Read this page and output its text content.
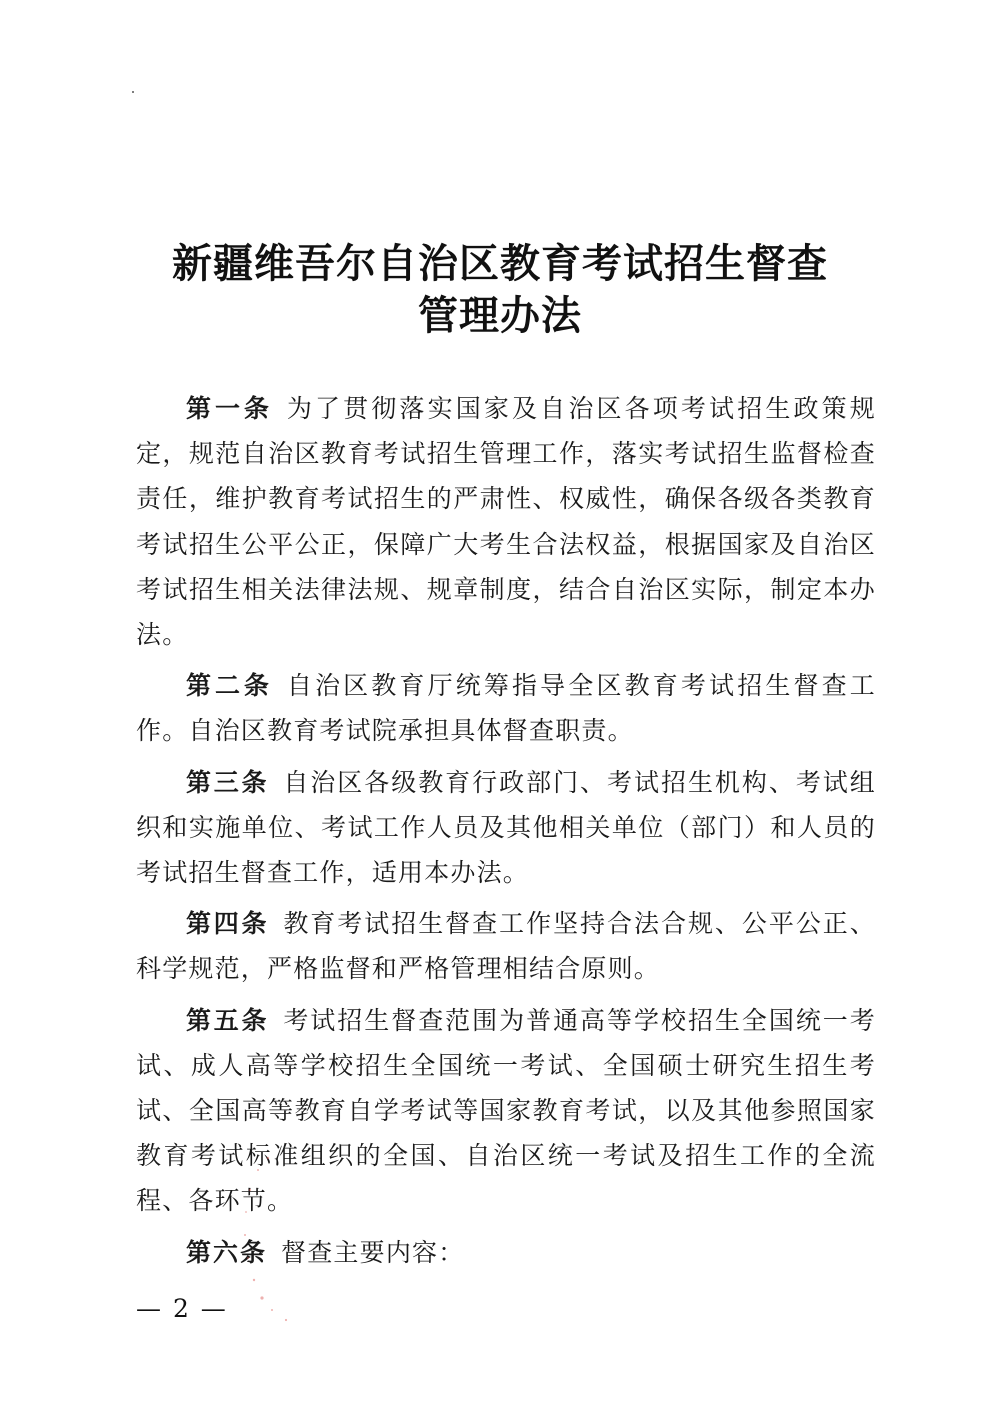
新疆维吾尔自治区教育考试招生督查
管理办法

第一条 为了贯彻落实国家及自治区各项考试招生政策规定，规范自治区教育考试招生管理工作，落实考试招生监督检查责任，维护教育考试招生的严肃性、权威性，确保各级各类教育考试招生公平公正，保障广大考生合法权益，根据国家及自治区考试招生相关法律法规、规章制度，结合自治区实际，制定本办法。

第二条 自治区教育厅统筹指导全区教育考试招生督查工作。自治区教育考试院承担具体督查职责。

第三条 自治区各级教育行政部门、考试招生机构、考试组织和实施单位、考试工作人员及其他相关单位（部门）和人员的考试招生督查工作，适用本办法。

第四条 教育考试招生督查工作坚持合法合规、公平公正、科学规范，严格监督和严格管理相结合原则。

第五条 考试招生督查范围为普通高等学校招生全国统一考试、成人高等学校招生全国统一考试、全国硕士研究生招生考试、全国高等教育自学考试等国家教育考试，以及其他参照国家教育考试标准组织的全国、自治区统一考试及招生工作的全流程、各环节。

第六条 督查主要内容：

— 2 —
